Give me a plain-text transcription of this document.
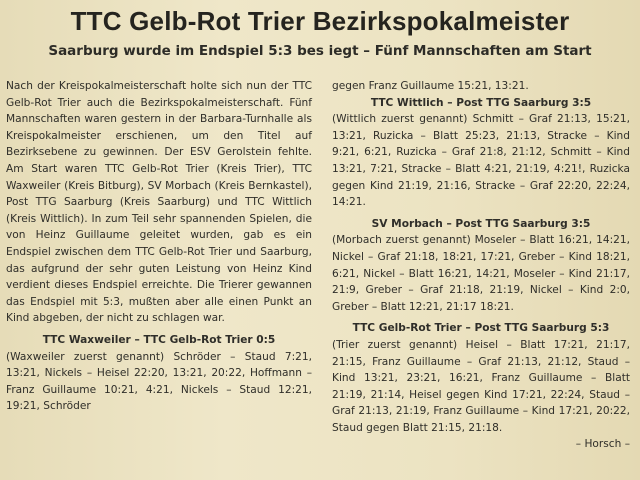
TTC Gelb-Rot Trier Bezirkspokalmeister
Saarburg wurde im Endspiel 5:3 bes iegt – Fünf Mannschaften am Start

Nach der Kreispokalmeisterschaft holte sich nun der TTC Gelb-Rot Trier auch die Bezirkspokalmeisterschaft. Fünf Mannschaften waren gestern in der Barbara-Turnhalle als Kreispokalmeister erschienen, um den Titel auf Bezirksebene zu gewinnen. Der ESV Gerolstein fehlte. Am Start waren TTC Gelb-Rot Trier (Kreis Trier), TTC Waxweiler (Kreis Bitburg), SV Morbach (Kreis Bernkastel), Post TTG Saarburg (Kreis Saarburg) und TTC Wittlich (Kreis Wittlich). In zum Teil sehr spannenden Spielen, die von Heinz Guillaume geleitet wurden, gab es ein Endspiel zwischen dem TTC Gelb-Rot Trier und Saarburg, das aufgrund der sehr guten Leistung von Heinz Kind verdient dieses Endspiel erreichte. Die Trierer gewannen das Endspiel mit 5:3, mußten aber alle einen Punkt an Kind abgeben, der nicht zu schlagen war.

TTC Waxweiler – TTC Gelb-Rot Trier 0:5

(Waxweiler zuerst genannt) Schröder – Staud 7:21, 13:21, Nickels – Heisel 22:20, 13:21, 20:22, Hoffmann – Franz Guillaume 10:21, 4:21, Nickels – Staud 12:21, 19:21, Schröder

gegen Franz Guillaume 15:21, 13:21.

TTC Wittlich – Post TTG Saarburg 3:5

(Wittlich zuerst genannt) Schmitt – Graf 21:13, 15:21, 13:21, Ruzicka – Blatt 25:23, 21:13, Stracke – Kind 9:21, 6:21, Ruzicka – Graf 21:8, 21:12, Schmitt – Kind 13:21, 7:21, Stracke – Blatt 4:21, 21:19, 4:21!, Ruzicka gegen Kind 21:19, 21:16, Stracke – Graf 22:20, 22:24, 14:21.

SV Morbach – Post TTG Saarburg 3:5

(Morbach zuerst genannt) Moseler – Blatt 16:21, 14:21, Nickel – Graf 21:18, 18:21, 17:21, Greber – Kind 18:21, 6:21, Nickel – Blatt 16:21, 14:21, Moseler – Kind 21:17, 21:9, Greber – Graf 21:18, 21:19, Nickel – Kind 2:0, Greber – Blatt 12:21, 21:17 18:21.

TTC Gelb-Rot Trier – Post TTG Saarburg 5:3

(Trier zuerst genannt) Heisel – Blatt 17:21, 21:17, 21:15, Franz Guillaume – Graf 21:13, 21:12, Staud – Kind 13:21, 23:21, 16:21, Franz Guillaume – Blatt 21:19, 21:14, Heisel gegen Kind 17:21, 22:24, Staud – Graf 21:13, 21:19, Franz Guillaume – Kind 17:21, 20:22, Staud gegen Blatt 21:15, 21:18.

– Horsch –
